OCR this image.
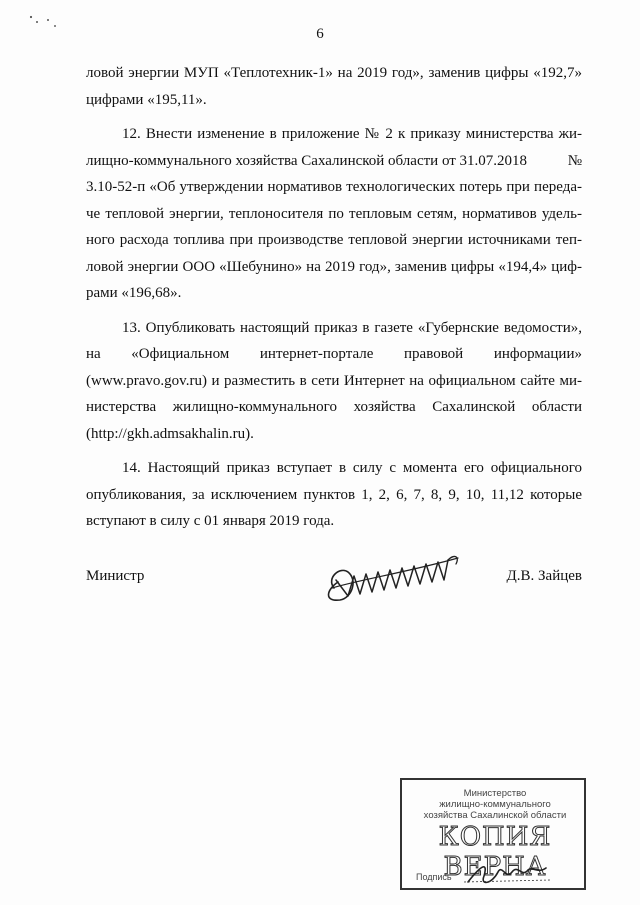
6

ловой энергии МУП «Теплотехник-1» на 2019 год», заменив цифры «192,7»
цифрами «195,11».

12. Внести изменение в приложение № 2 к приказу министерства жи-
лищно-коммунального хозяйства Сахалинской области от 31.07.2018	№
3.10-52-п «Об утверждении нормативов технологических потерь при переда-
че тепловой энергии, теплоносителя по тепловым сетям, нормативов удель-
ного расхода топлива при производстве тепловой энергии источниками теп-
ловой энергии ООО «Шебунино» на 2019 год», заменив цифры «194,4» циф-
рами «196,68».

13. Опубликовать настоящий приказ в газете «Губернские ведомости»,
на «Официальном интернет-портале правовой информации»
(www.pravo.gov.ru) и разместить в сети Интернет на официальном сайте ми-
нистерства жилищно-коммунального хозяйства Сахалинской области
(http://gkh.admsakhalin.ru).

14. Настоящий приказ вступает в силу с момента его официального
опубликования, за исключением пунктов 1, 2, 6, 7, 8, 9, 10, 11,12 которые
вступают в силу с 01 января 2019 года.

Министр	Д.В. Зайцев
Министерство
жилищно-коммунального
хозяйства Сахалинской области
КОПИЯ ВЕРНА
Подпись
